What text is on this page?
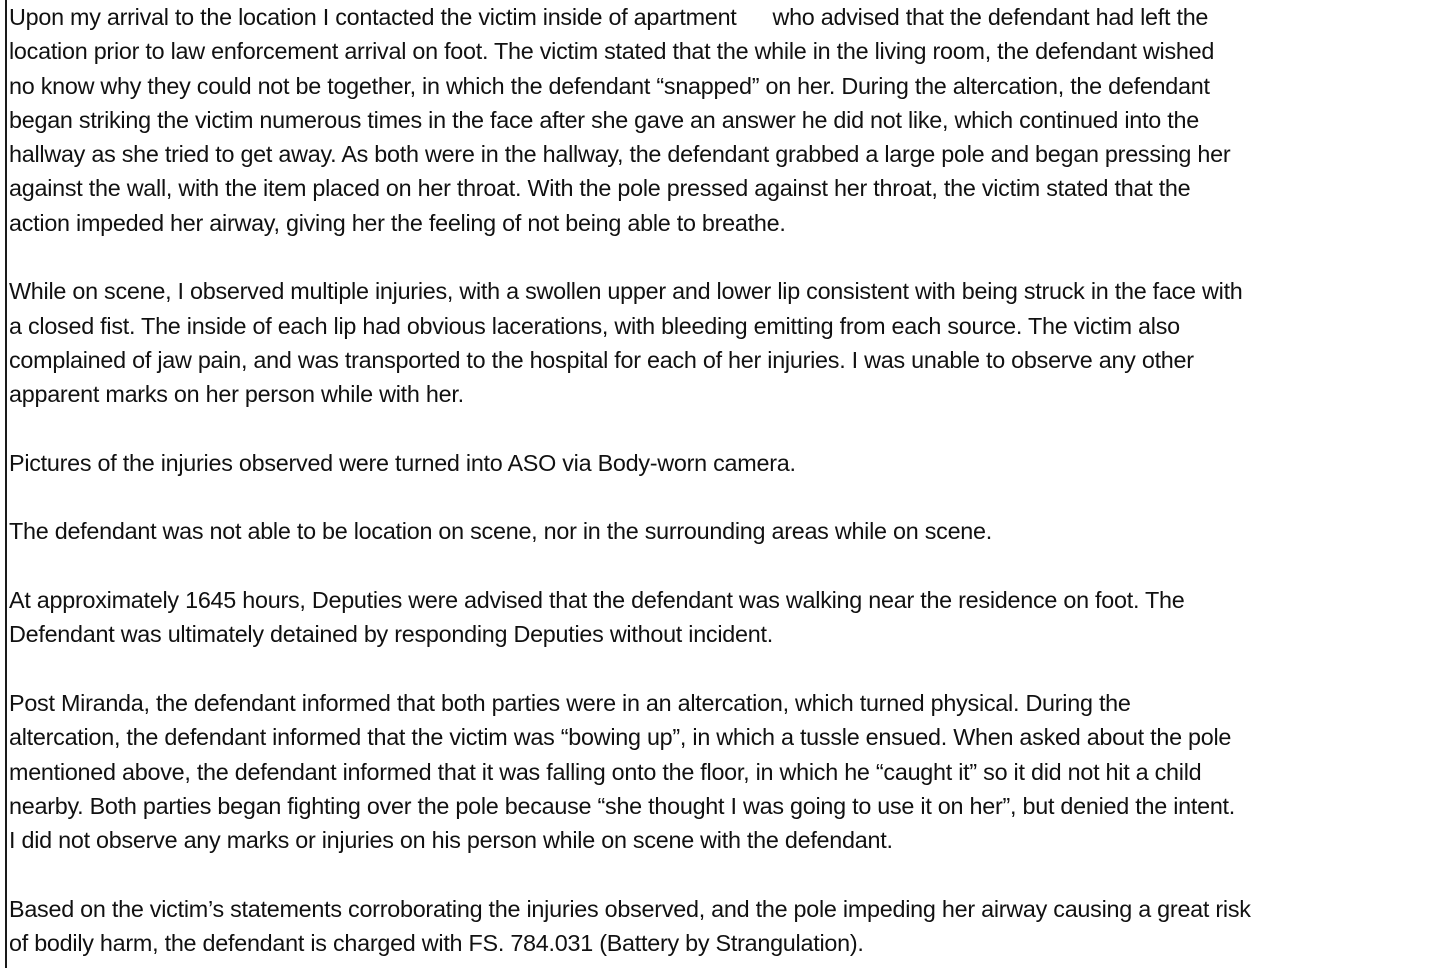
Upon my arrival to the location I contacted the victim inside of apartment who advised that the defendant had left the
location prior to law enforcement arrival on foot. The victim stated that the while in the living room, the defendant wished
no know why they could not be together, in which the defendant “snapped” on her. During the altercation, the defendant
began striking the victim numerous times in the face after she gave an answer he did not like, which continued into the
hallway as she tried to get away. As both were in the hallway, the defendant grabbed a large pole and began pressing her
against the wall, with the item placed on her throat. With the pole pressed against her throat, the victim stated that the
action impeded her airway, giving her the feeling of not being able to breathe.

While on scene, I observed multiple injuries, with a swollen upper and lower lip consistent with being struck in the face with
a closed fist. The inside of each lip had obvious lacerations, with bleeding emitting from each source. The victim also
complained of jaw pain, and was transported to the hospital for each of her injuries. I was unable to observe any other
apparent marks on her person while with her.

Pictures of the injuries observed were turned into ASO via Body-worn camera.

The defendant was not able to be location on scene, nor in the surrounding areas while on scene.

At approximately 1645 hours, Deputies were advised that the defendant was walking near the residence on foot. The
Defendant was ultimately detained by responding Deputies without incident.

Post Miranda, the defendant informed that both parties were in an altercation, which turned physical. During the
altercation, the defendant informed that the victim was “bowing up”, in which a tussle ensued. When asked about the pole
mentioned above, the defendant informed that it was falling onto the floor, in which he “caught it” so it did not hit a child
nearby. Both parties began fighting over the pole because “she thought I was going to use it on her”, but denied the intent.
I did not observe any marks or injuries on his person while on scene with the defendant.

Based on the victim’s statements corroborating the injuries observed, and the pole impeding her airway causing a great risk
of bodily harm, the defendant is charged with FS. 784.031 (Battery by Strangulation).
